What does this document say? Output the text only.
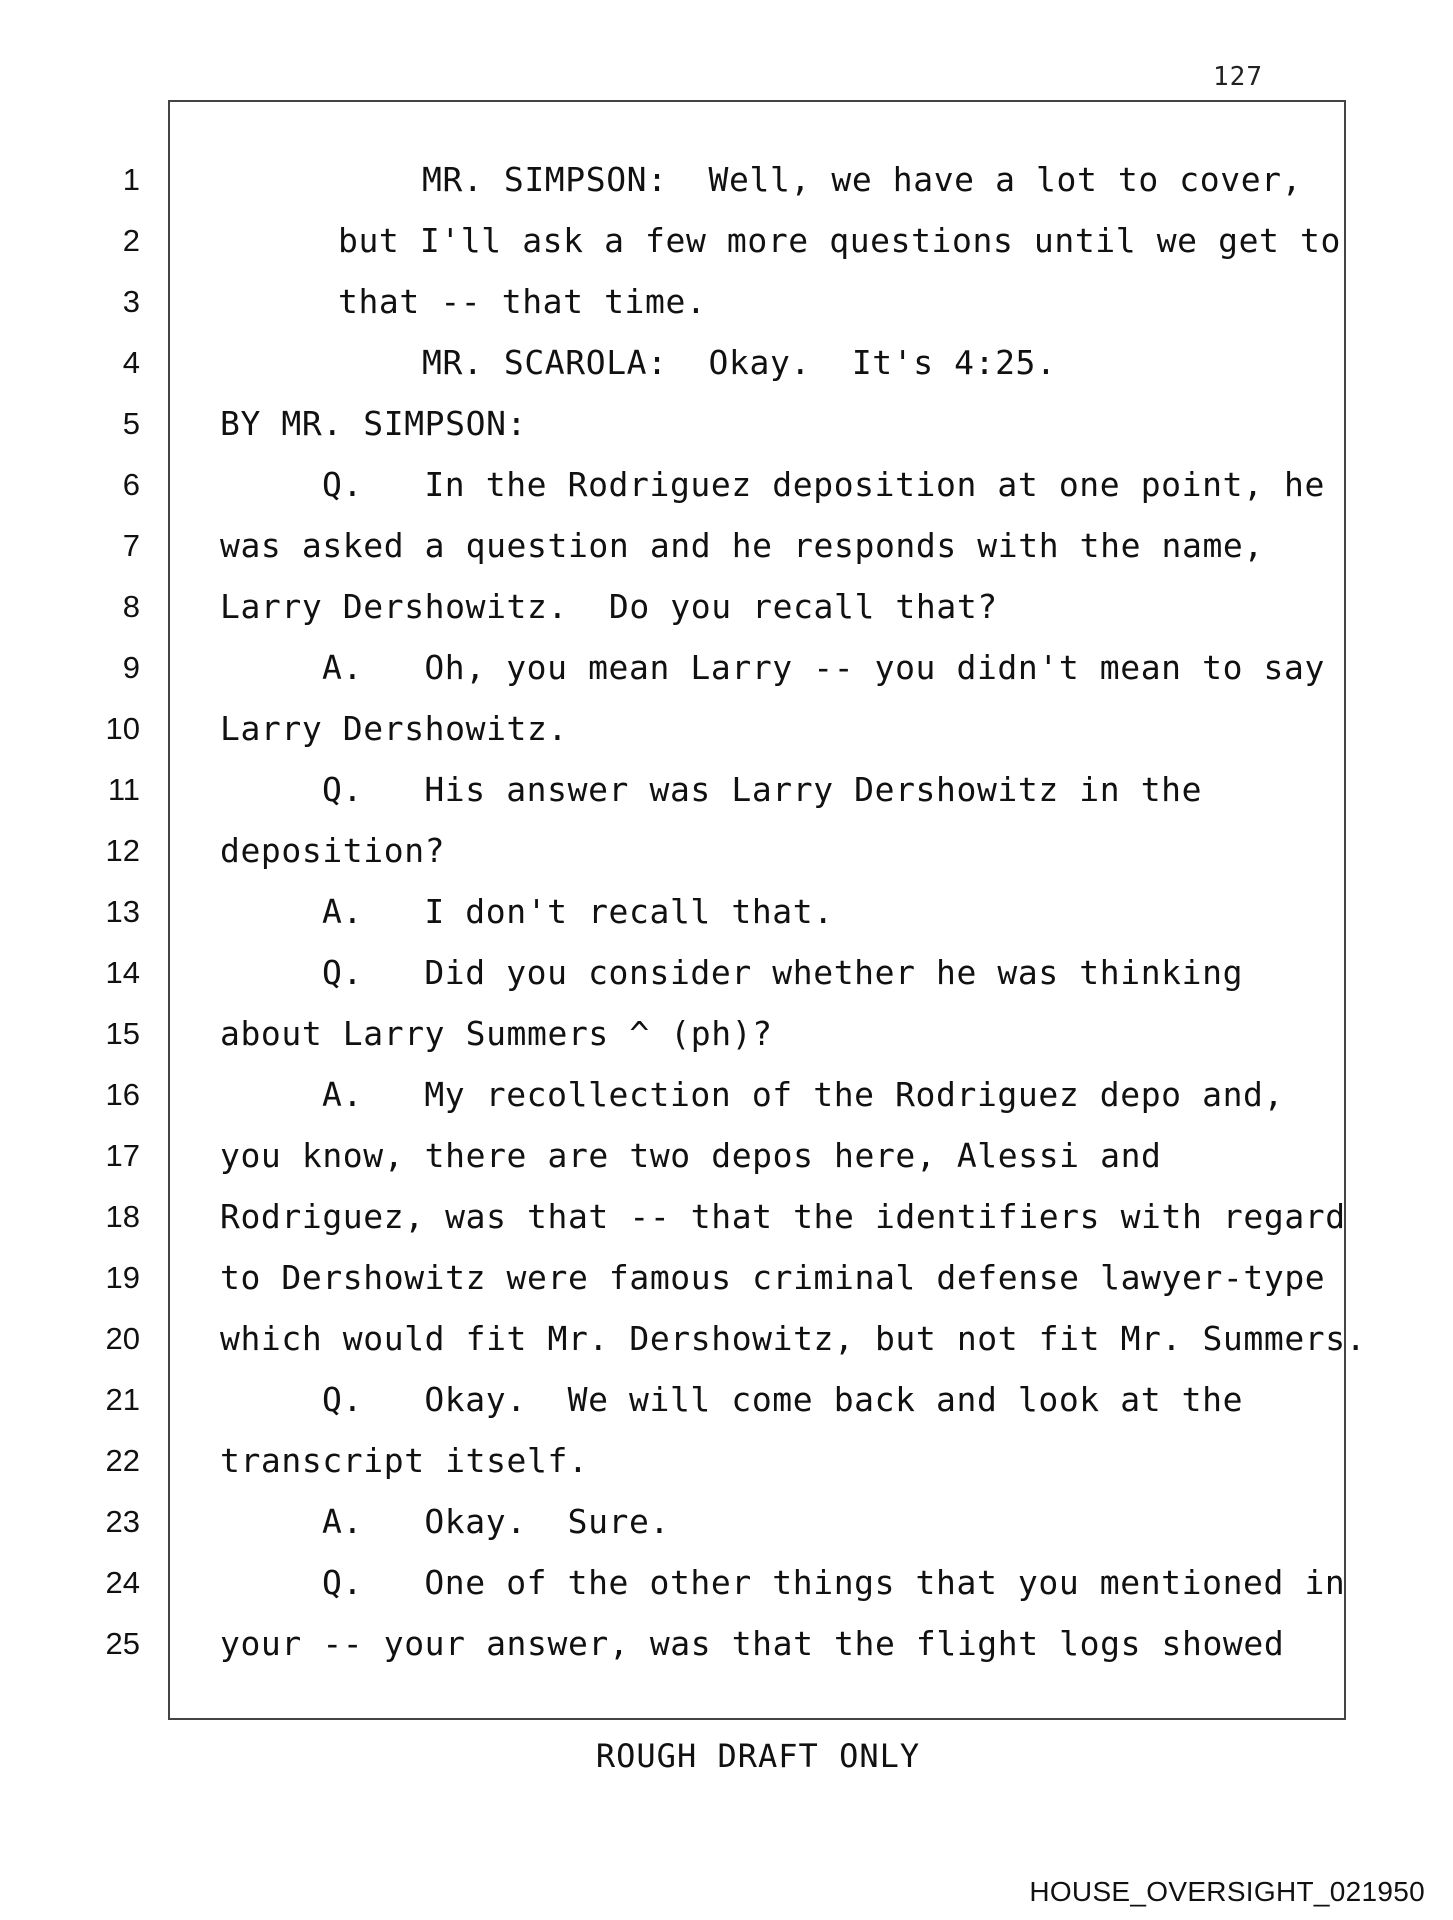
127
1
2
3
4
5
6
7
8
9
10
11
12
13
14
15
16
17
18
19
20
21
22
23
24
25
MR. SIMPSON:  Well, we have a lot to cover,
but I'll ask a few more questions until we get to
that -- that time.
MR. SCAROLA:  Okay.  It's 4:25.
BY MR. SIMPSON:
Q.   In the Rodriguez deposition at one point, he
was asked a question and he responds with the name,
Larry Dershowitz.  Do you recall that?
A.   Oh, you mean Larry -- you didn't mean to say
Larry Dershowitz.
Q.   His answer was Larry Dershowitz in the
deposition?
A.   I don't recall that.
Q.   Did you consider whether he was thinking
about Larry Summers ^ (ph)?
A.   My recollection of the Rodriguez depo and,
you know, there are two depos here, Alessi and
Rodriguez, was that -- that the identifiers with regard
to Dershowitz were famous criminal defense lawyer-type
which would fit Mr. Dershowitz, but not fit Mr. Summers.
Q.   Okay.  We will come back and look at the
transcript itself.
A.   Okay.  Sure.
Q.   One of the other things that you mentioned in
your -- your answer, was that the flight logs showed
ROUGH DRAFT ONLY
HOUSE_OVERSIGHT_021950
